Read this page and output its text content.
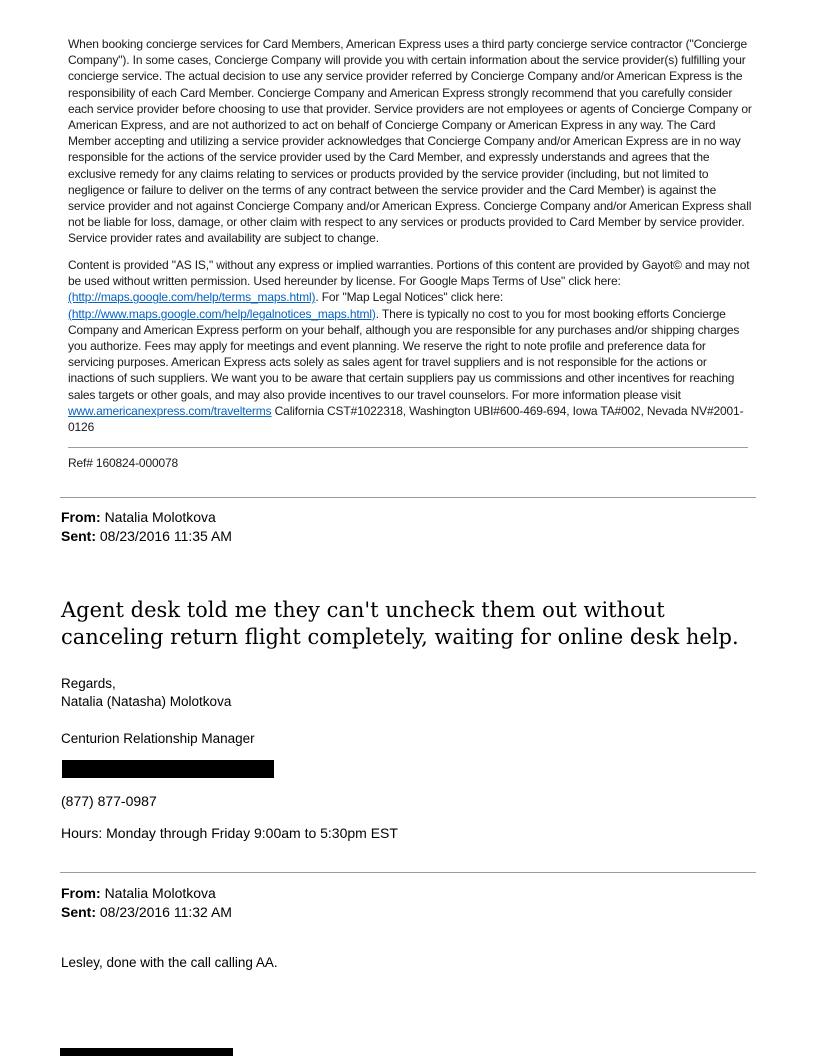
When booking concierge services for Card Members, American Express uses a third party concierge service contractor ("Concierge Company"). In some cases, Concierge Company will provide you with certain information about the service provider(s) fulfilling your concierge service. The actual decision to use any service provider referred by Concierge Company and/or American Express is the responsibility of each Card Member. Concierge Company and American Express strongly recommend that you carefully consider each service provider before choosing to use that provider. Service providers are not employees or agents of Concierge Company or American Express, and are not authorized to act on behalf of Concierge Company or American Express in any way. The Card Member accepting and utilizing a service provider acknowledges that Concierge Company and/or American Express are in no way responsible for the actions of the service provider used by the Card Member, and expressly understands and agrees that the exclusive remedy for any claims relating to services or products provided by the service provider (including, but not limited to negligence or failure to deliver on the terms of any contract between the service provider and the Card Member) is against the service provider and not against Concierge Company and/or American Express. Concierge Company and/or American Express shall not be liable for loss, damage, or other claim with respect to any services or products provided to Card Member by service provider. Service provider rates and availability are subject to change.

Content is provided "AS IS," without any express or implied warranties. Portions of this content are provided by Gayot© and may not be used without written permission. Used hereunder by license. For Google Maps Terms of Use" click here: (http://maps.google.com/help/terms_maps.html). For "Map Legal Notices" click here: (http://www.maps.google.com/help/legalnotices_maps.html). There is typically no cost to you for most booking efforts Concierge Company and American Express perform on your behalf, although you are responsible for any purchases and/or shipping charges you authorize. Fees may apply for meetings and event planning. We reserve the right to note profile and preference data for servicing purposes. American Express acts solely as sales agent for travel suppliers and is not responsible for the actions or inactions of such suppliers. We want you to be aware that certain suppliers pay us commissions and other incentives for reaching sales targets or other goals, and may also provide incentives to our travel counselors. For more information please visit www.americanexpress.com/travelterms California CST#1022318, Washington UBI#600-469-694, Iowa TA#002, Nevada NV#2001-0126

Ref# 160824-000078
From: Natalia Molotkova
Sent: 08/23/2016 11:35 AM
Agent desk told me they can't uncheck them out without
canceling return flight completely, waiting for online desk help.
Regards,
Natalia (Natasha) Molotkova
Centurion Relationship Manager
(877) 877-0987
Hours: Monday through Friday 9:00am to 5:30pm EST
From: Natalia Molotkova
Sent: 08/23/2016 11:32 AM
Lesley, done with the call calling AA.
